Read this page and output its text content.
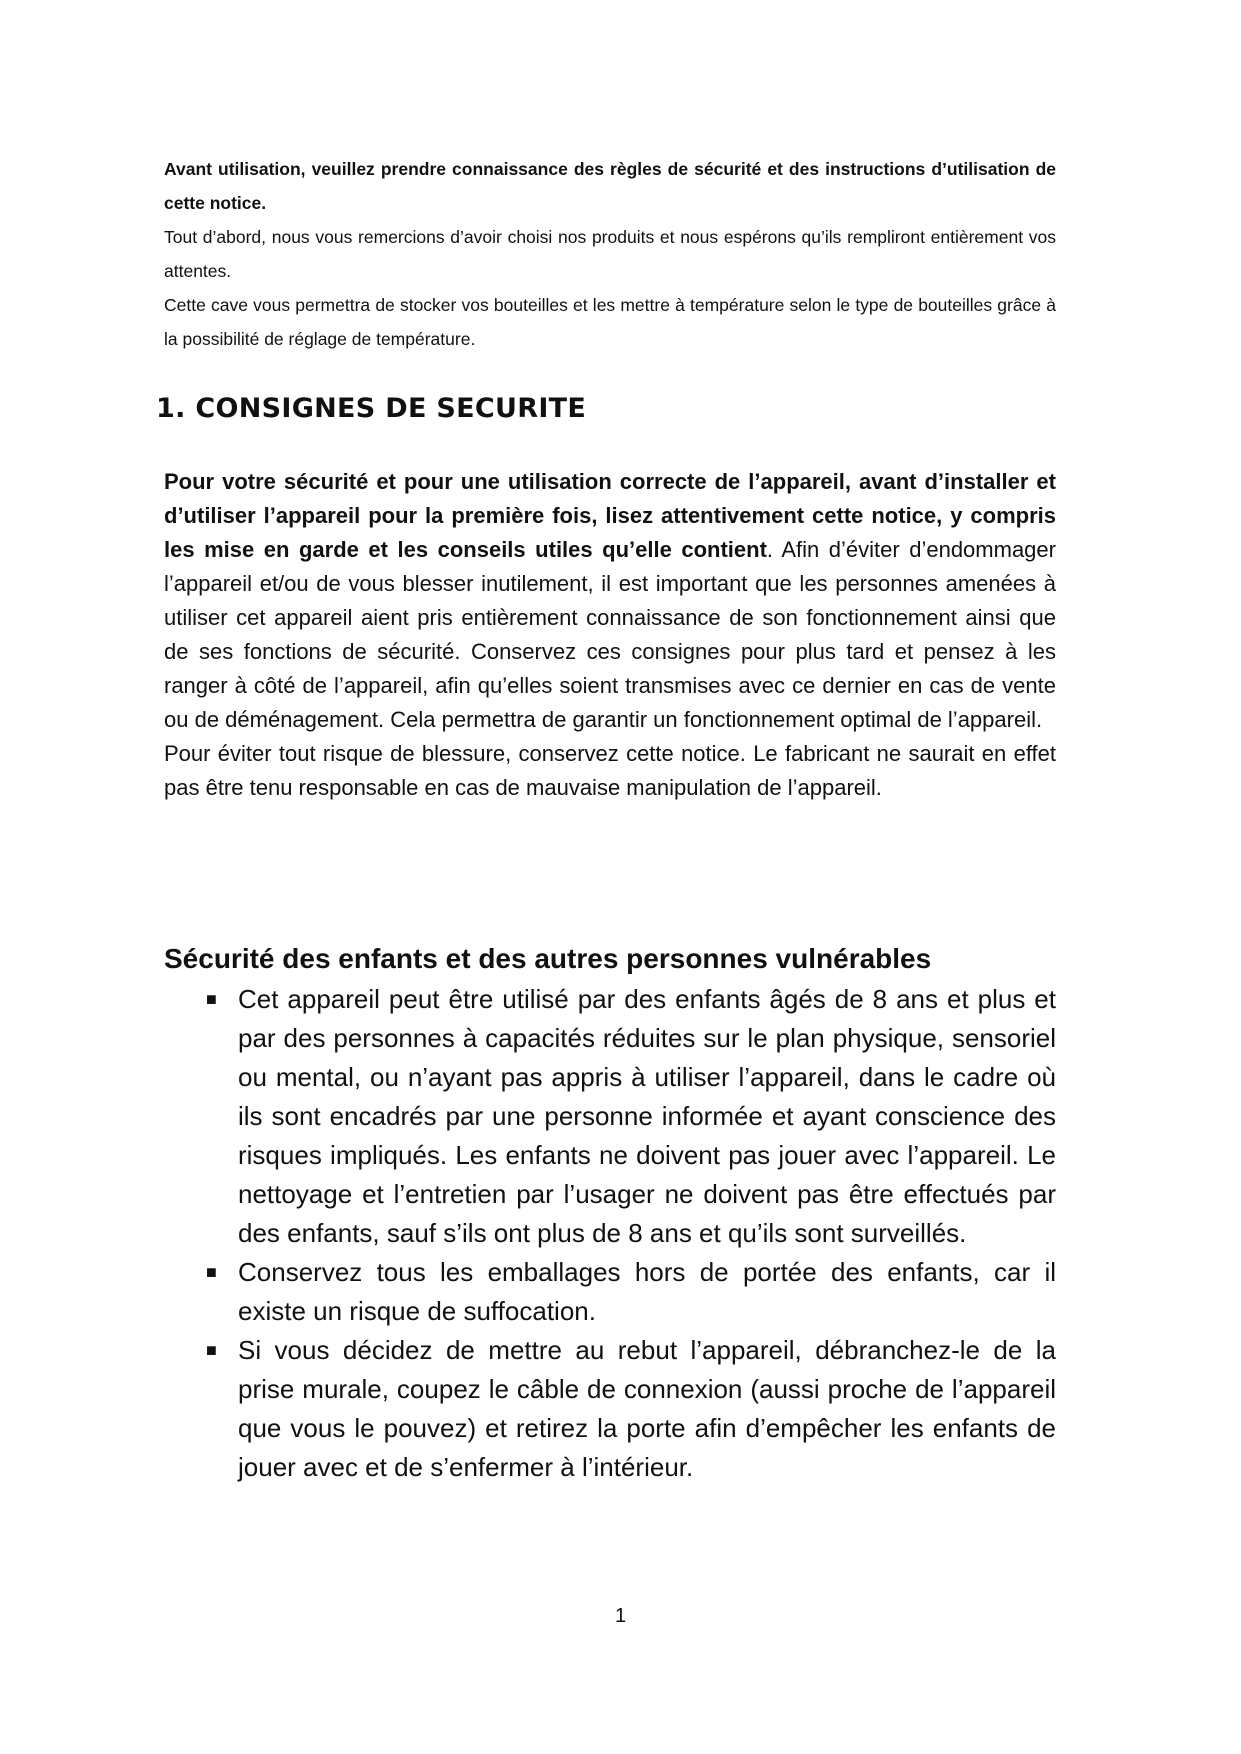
Avant utilisation, veuillez prendre connaissance des règles de sécurité et des instructions d’utilisation de cette notice.

Tout d’abord, nous vous remercions d’avoir choisi nos produits et nous espérons qu’ils rempliront entièrement vos attentes.

Cette cave vous permettra de stocker vos bouteilles et les mettre à température selon le type de bouteilles grâce à la possibilité de réglage de température.

1. CONSIGNES DE SECURITE

Pour votre sécurité et pour une utilisation correcte de l’appareil, avant d’installer et d’utiliser l’appareil pour la première fois, lisez attentivement cette notice, y compris les mise en garde et les conseils utiles qu’elle contient. Afin d’éviter d’endommager l’appareil et/ou de vous blesser inutilement, il est important que les personnes amenées à utiliser cet appareil aient pris entièrement connaissance de son fonctionnement ainsi que de ses fonctions de sécurité. Conservez ces consignes pour plus tard et pensez à les ranger à côté de l’appareil, afin qu’elles soient transmises avec ce dernier en cas de vente ou de déménagement. Cela permettra de garantir un fonctionnement optimal de l’appareil.

Pour éviter tout risque de blessure, conservez cette notice. Le fabricant ne saurait en effet pas être tenu responsable en cas de mauvaise manipulation de l’appareil.

Sécurité des enfants et des autres personnes vulnérables
■ Cet appareil peut être utilisé par des enfants âgés de 8 ans et plus et par des personnes à capacités réduites sur le plan physique, sensoriel ou mental, ou n’ayant pas appris à utiliser l’appareil, dans le cadre où ils sont encadrés par une personne informée et ayant conscience des risques impliqués. Les enfants ne doivent pas jouer avec l’appareil. Le nettoyage et l’entretien par l’usager ne doivent pas être effectués par des enfants, sauf s’ils ont plus de 8 ans et qu’ils sont surveillés.
■ Conservez tous les emballages hors de portée des enfants, car il existe un risque de suffocation.
■ Si vous décidez de mettre au rebut l’appareil, débranchez-le de la prise murale, coupez le câble de connexion (aussi proche de l’appareil que vous le pouvez) et retirez la porte afin d’empêcher les enfants de jouer avec et de s’enfermer à l’intérieur.
1
